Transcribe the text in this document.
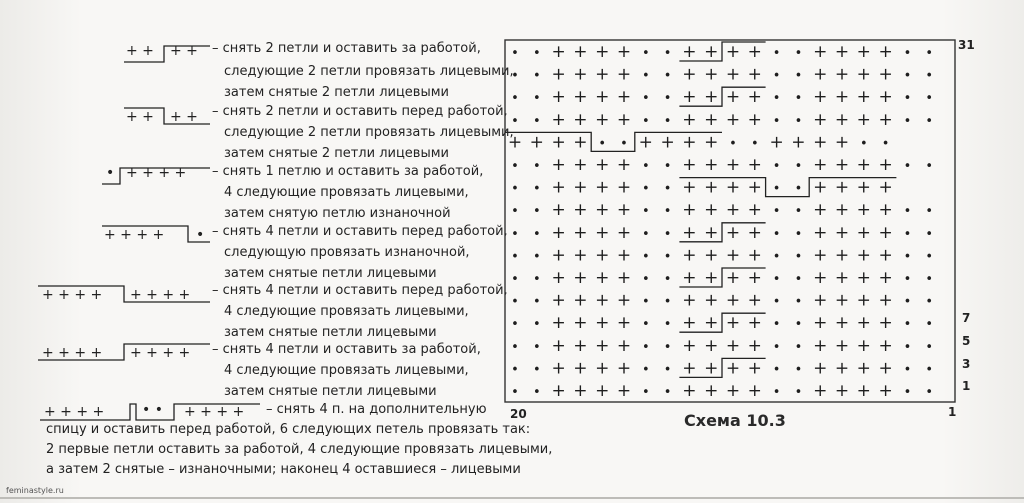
+ + + + – снять 2 петли и оставить за работой,
следующие 2 петли провязать лицевыми,
затем снятые 2 петли лицевыми
+ + + + – снять 2 петли и оставить перед работой,
следующие 2 петли провязать лицевыми,
затем снятые 2 петли лицевыми
• + + + + – снять 1 петлю и оставить за работой,
4 следующие провязать лицевыми,
затем снятую петлю изнаночной
+ + + + • – снять 4 петли и оставить перед работой,
следующую провязать изнаночной,
затем снятые петли лицевыми
+ + + + + + + + – снять 4 петли и оставить перед работой,
4 следующие провязать лицевыми,
затем снятые петли лицевыми
+ + + + + + + + – снять 4 петли и оставить за работой,
4 следующие провязать лицевыми,
затем снятые петли лицевыми
+ + + +	• • + + + + – снять 4 п. на дополнительную
спицу и оставить перед работой, 6 следующих петель провязать так:
2 первые петли оставить за работой, 4 следующие провязать лицевыми,
а затем 2 снятые – изнаночными; наконец 4 оставшиеся – лицевыми
• • + + + + • • + + + + • • + + + + • •
• • + + + + • • + + + + • • + + + + • •
• • + + + + • • + + + + • • + + + + • •
• • + + + + • • + + + + • • + + + + • •
+ + + + • • + + + + • • + + + + • •
• • + + + + • • + + + + • • + + + + • •
• • + + + + • • + + + + • • + + + +
• • + + + + • • + + + + • • + + + + • •
• • + + + + • • + + + + • • + + + + • •
• • + + + + • • + + + + • • + + + + • •
• • + + + + • • + + + + • • + + + + • •
• • + + + + • • + + + + • • + + + + • •
• • + + + + • • + + + + • • + + + + • •
• • + + + + • • + + + + • • + + + + • •
• • + + + + • • + + + + • • + + + + • •
• • + + + + • • + + + + • • + + + + • •
31
7
5
3
1
20	1
Схема 10.3
feminastyle.ru
